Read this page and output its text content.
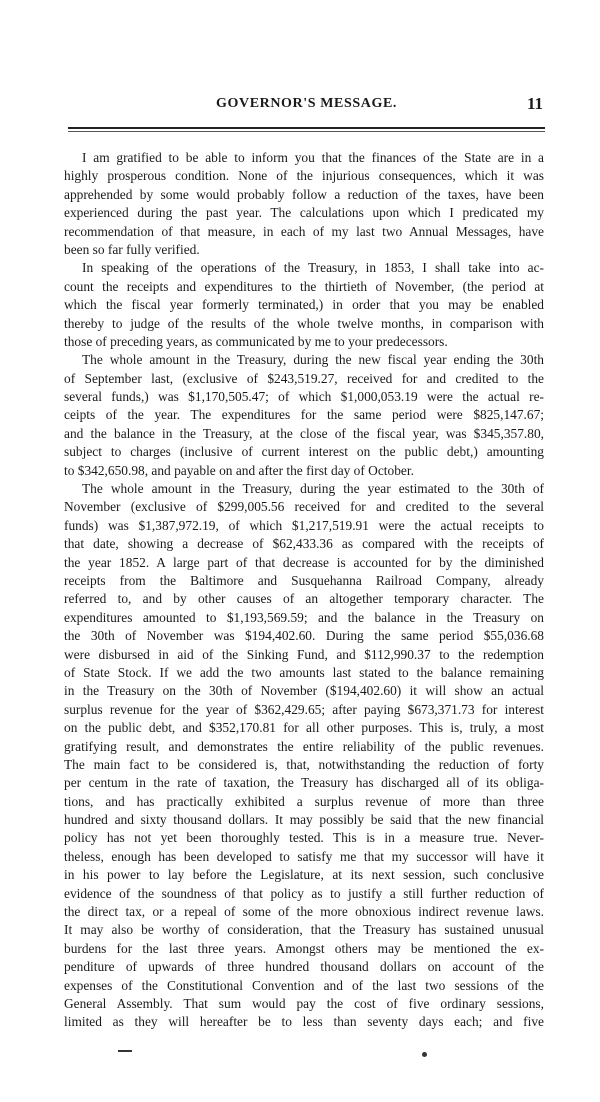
GOVERNOR'S MESSAGE.	11
I am gratified to be able to inform you that the finances of the State are in a
highly prosperous condition. None of the injurious consequences, which it was
apprehended by some would probably follow a reduction of the taxes, have been
experienced during the past year. The calculations upon which I predicated my
recommendation of that measure, in each of my last two Annual Messages, have
been so far fully verified.
In speaking of the operations of the Treasury, in 1853, I shall take into ac-
count the receipts and expenditures to the thirtieth of November, (the period at
which the fiscal year formerly terminated,) in order that you may be enabled
thereby to judge of the results of the whole twelve months, in comparison with
those of preceding years, as communicated by me to your predecessors.
The whole amount in the Treasury, during the new fiscal year ending the 30th
of September last, (exclusive of $243,519.27, received for and credited to the
several funds,) was $1,170,505.47; of which $1,000,053.19 were the actual re-
ceipts of the year. The expenditures for the same period were $825,147.67;
and the balance in the Treasury, at the close of the fiscal year, was $345,357.80,
subject to charges (inclusive of current interest on the public debt,) amounting
to $342,650.98, and payable on and after the first day of October.
The whole amount in the Treasury, during the year estimated to the 30th of
November (exclusive of $299,005.56 received for and credited to the several
funds) was $1,387,972.19, of which $1,217,519.91 were the actual receipts to
that date, showing a decrease of $62,433.36 as compared with the receipts of
the year 1852. A large part of that decrease is accounted for by the diminished
receipts from the Baltimore and Susquehanna Railroad Company, already
referred to, and by other causes of an altogether temporary character. The
expenditures amounted to $1,193,569.59; and the balance in the Treasury on
the 30th of November was $194,402.60. During the same period $55,036.68
were disbursed in aid of the Sinking Fund, and $112,990.37 to the redemption
of State Stock. If we add the two amounts last stated to the balance remaining
in the Treasury on the 30th of November ($194,402.60) it will show an actual
surplus revenue for the year of $362,429.65; after paying $673,371.73 for interest
on the public debt, and $352,170.81 for all other purposes. This is, truly, a most
gratifying result, and demonstrates the entire reliability of the public revenues.
The main fact to be considered is, that, notwithstanding the reduction of forty
per centum in the rate of taxation, the Treasury has discharged all of its obliga-
tions, and has practically exhibited a surplus revenue of more than three
hundred and sixty thousand dollars. It may possibly be said that the new financial
policy has not yet been thoroughly tested. This is in a measure true. Never-
theless, enough has been developed to satisfy me that my successor will have it
in his power to lay before the Legislature, at its next session, such conclusive
evidence of the soundness of that policy as to justify a still further reduction of
the direct tax, or a repeal of some of the more obnoxious indirect revenue laws.
It may also be worthy of consideration, that the Treasury has sustained unusual
burdens for the last three years. Amongst others may be mentioned the ex-
penditure of upwards of three hundred thousand dollars on account of the
expenses of the Constitutional Convention and of the last two sessions of the
General Assembly. That sum would pay the cost of five ordinary sessions,
limited as they will hereafter be to less than seventy days each; and five
